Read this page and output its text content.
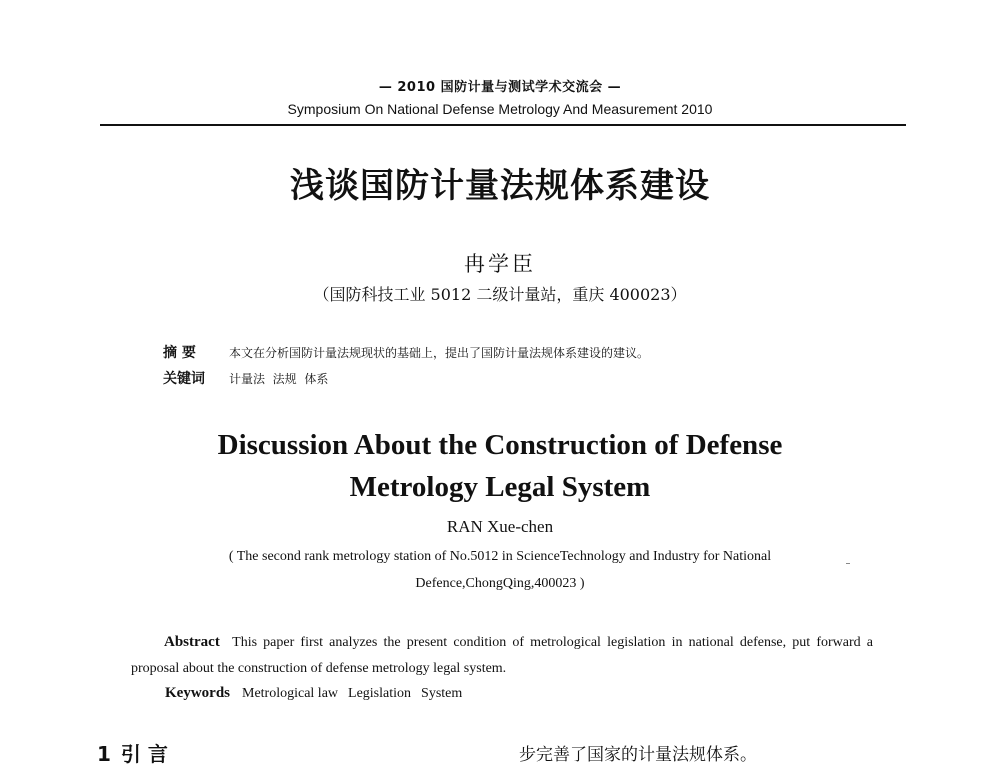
— 2010 国防计量与测试学术交流会 —
Symposium On National Defense Metrology And Measurement 2010
浅谈国防计量法规体系建设
冉学臣
（国防科技工业 5012 二级计量站，重庆 400023）
摘 要	本文在分析国防计量法规现状的基础上，提出了国防计量法规体系建设的建议。
关键词 计量法 法规 体系
Discussion About the Construction of Defense
Metrology Legal System
RAN Xue-chen
( The second rank metrology station of No.5012 in ScienceTechnology and Industry for National
Defence,ChongQing,400023 )
Abstract This paper first analyzes the present condition of metrological legislation in national defense, put forward a proposal about the construction of defense metrology legal system.
Keywords Metrological law Legislation System
1 引 言	步完善了国家的计量法规体系。
